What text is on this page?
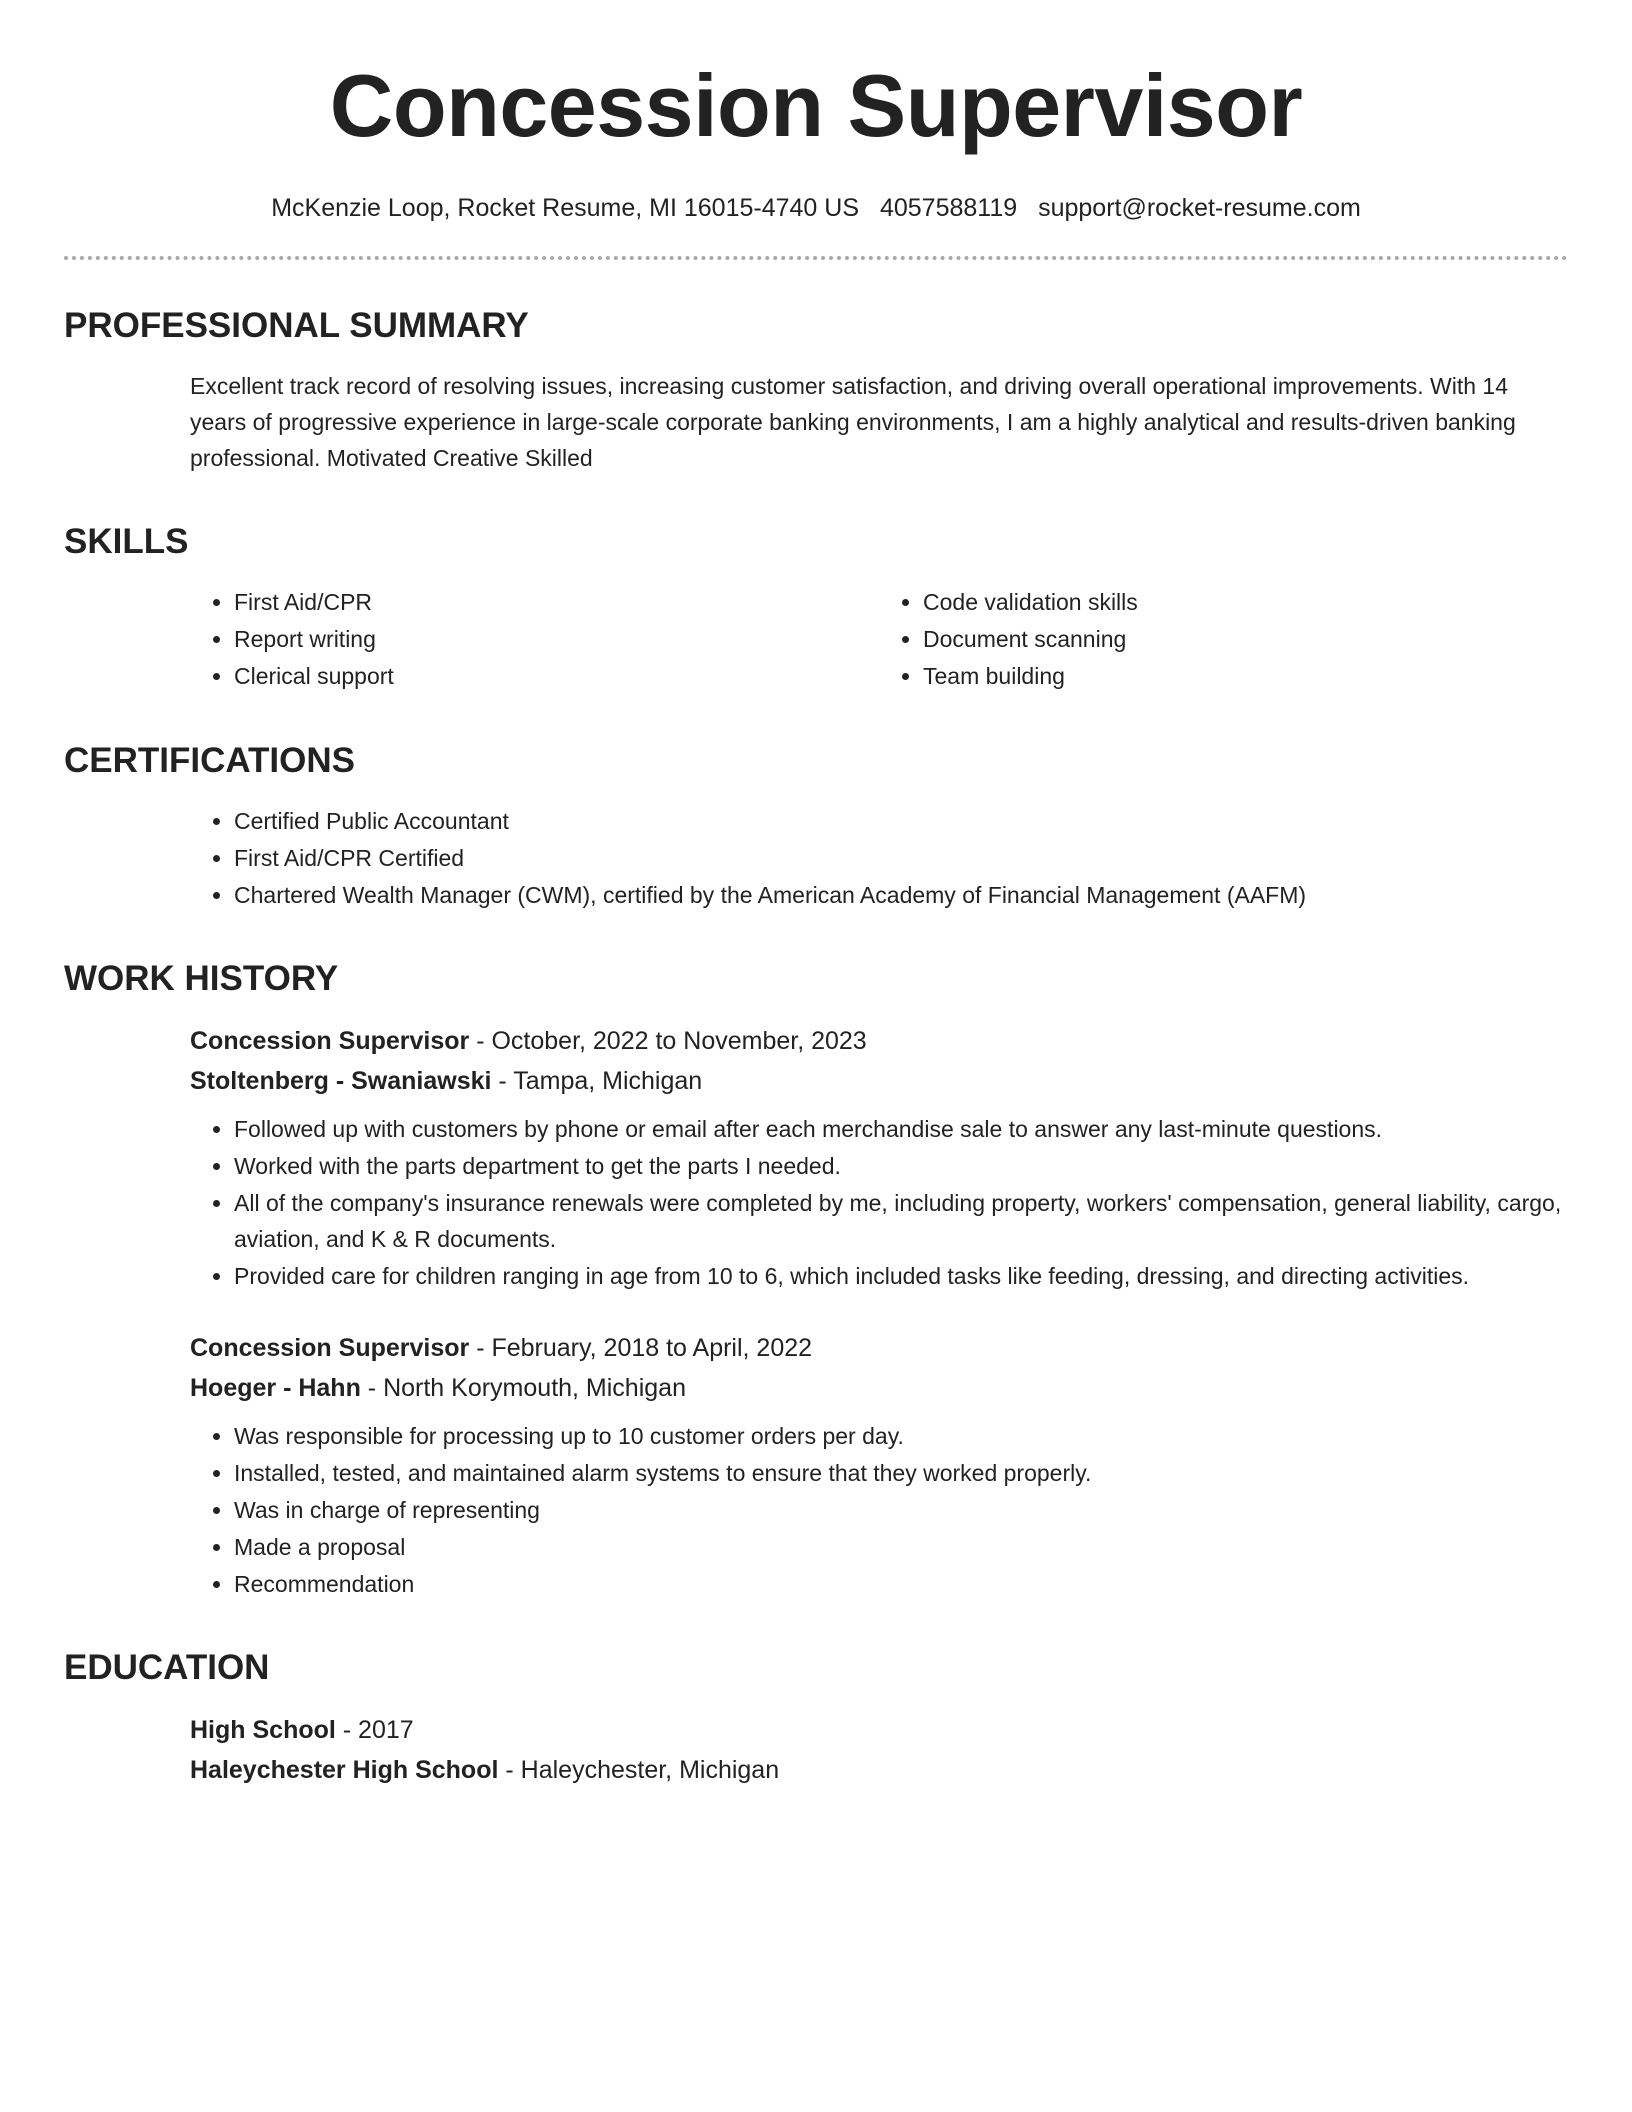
Concession Supervisor
McKenzie Loop, Rocket Resume, MI 16015-4740 US 4057588119 support@rocket-resume.com
PROFESSIONAL SUMMARY

Excellent track record of resolving issues, increasing customer satisfaction, and driving overall operational improvements. With 14 years of progressive experience in large-scale corporate banking environments, I am a highly analytical and results-driven banking professional. Motivated Creative Skilled

SKILLS
• First Aid/CPR
• Report writing
• Clerical support
• Code validation skills
• Document scanning
• Team building
CERTIFICATIONS
• Certified Public Accountant
• First Aid/CPR Certified
• Chartered Wealth Manager (CWM), certified by the American Academy of Financial Management (AAFM)
WORK HISTORY
Concession Supervisor - October, 2022 to November, 2023
Stoltenberg - Swaniawski - Tampa, Michigan
• Followed up with customers by phone or email after each merchandise sale to answer any last-minute questions.
• Worked with the parts department to get the parts I needed.
• All of the company's insurance renewals were completed by me, including property, workers' compensation, general liability, cargo, aviation, and K & R documents.
• Provided care for children ranging in age from 10 to 6, which included tasks like feeding, dressing, and directing activities.
Concession Supervisor - February, 2018 to April, 2022
Hoeger - Hahn - North Korymouth, Michigan
• Was responsible for processing up to 10 customer orders per day.
• Installed, tested, and maintained alarm systems to ensure that they worked properly.
• Was in charge of representing
• Made a proposal
• Recommendation
EDUCATION
High School - 2017
Haleychester High School - Haleychester, Michigan
